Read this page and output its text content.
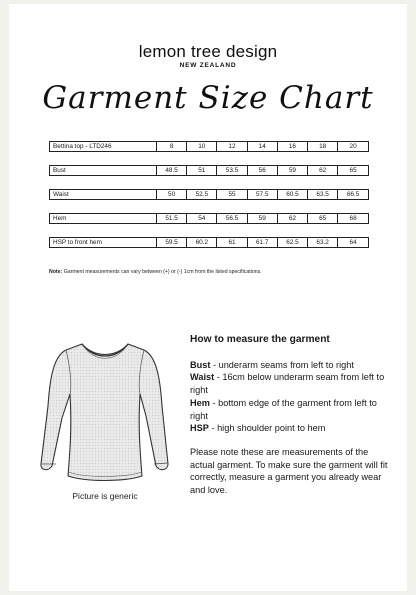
lemon tree design
NEW ZEALAND
Garment Size Chart
Bettina top - LTD246	8	10	12	14	16	18	20
Bust	48.5	51	53.5	56	59	62	65
Waist	50	52.5	55	57.5	60.5	63.5	66.5
Hem	51.5	54	56.5	59	62	65	68
HSP to front hem	59.5	60.2	61	61.7	62.5	63.2	64
Note: Garment measurements can vary between (+) or (-) 1cm from the listed specifications.
Picture is generic
How to measure the garment

Bust - underarm seams from left to right

Waist - 16cm below underarm seam from left to right

Hem - bottom edge of the garment from left to right

HSP - high shoulder point to hem

Please note these are measurements of the actual garment. To make sure the garment will fit correctly, measure a garment you already wear and love.
